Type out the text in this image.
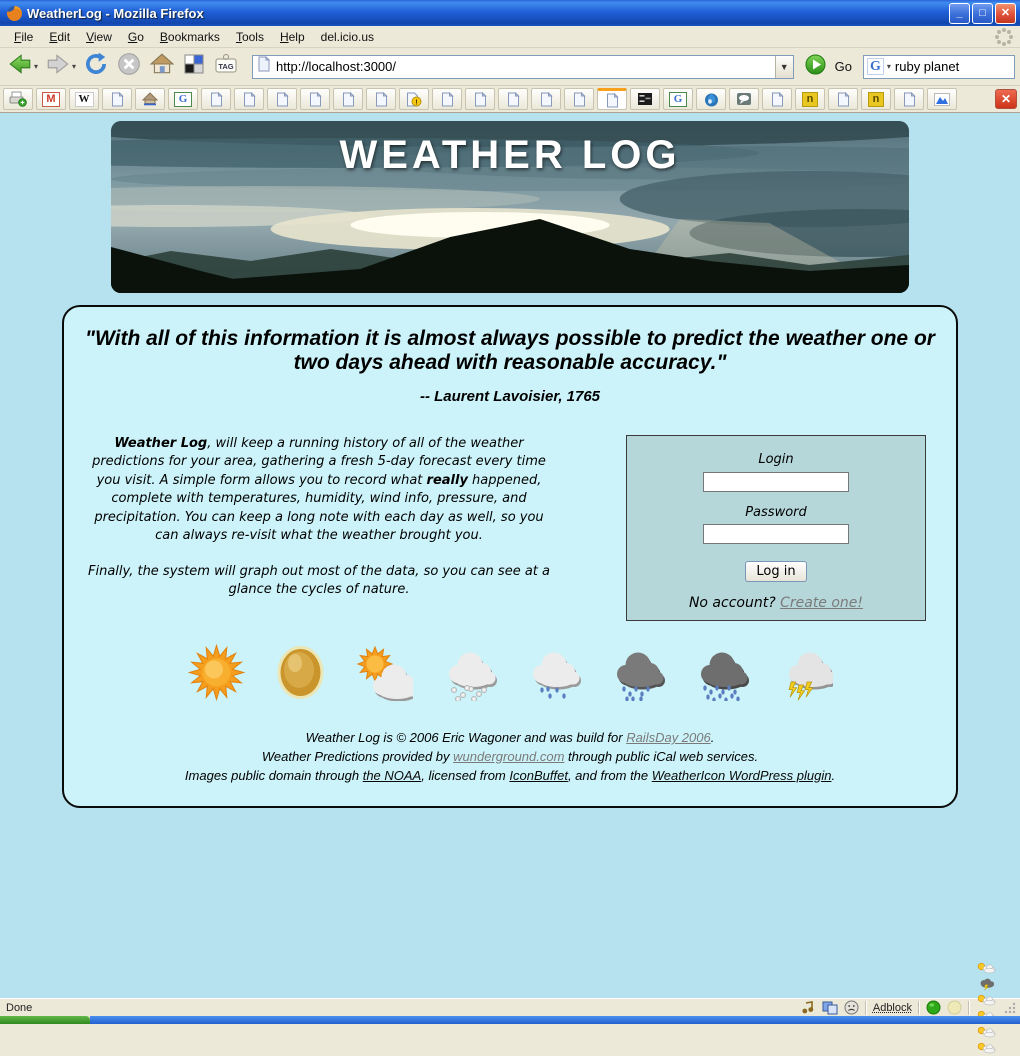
WeatherLog - Mozilla Firefox	_	□	✕
File Edit View Go Bookmarks Tools Help del.icio.us
▾	▾	TAG
http://localhost:3000/	▼	Go G ▾
ruby planet
M	W	G	!	G	n	n	✕
WEATHER LOG
"With all of this information it is almost always possible to predict the weather one or two days ahead with reasonable accuracy."
-- Laurent Lavoisier, 1765

Weather Log, will keep a running history of all of the weather predictions for your area, gathering a fresh 5-day forecast every time you visit. A simple form allows you to record what really happened, complete with temperatures, humidity, wind info, pressure, and precipitation. You can keep a long note with each day as well, so you can always re-visit what the weather brought you.

Finally, the system will graph out most of the data, so you can see at a glance the cycles of nature.

Login
Password
Log in
No account? Create one!
Weather Log is © 2006 Eric Wagoner and was build for RailsDay 2006.
Weather Predictions provided by wunderground.com through public iCal web services.
Images public domain through the NOAA, licensed from IconBuffet, and from the WeatherIcon WordPress plugin.
Done	Adblock
